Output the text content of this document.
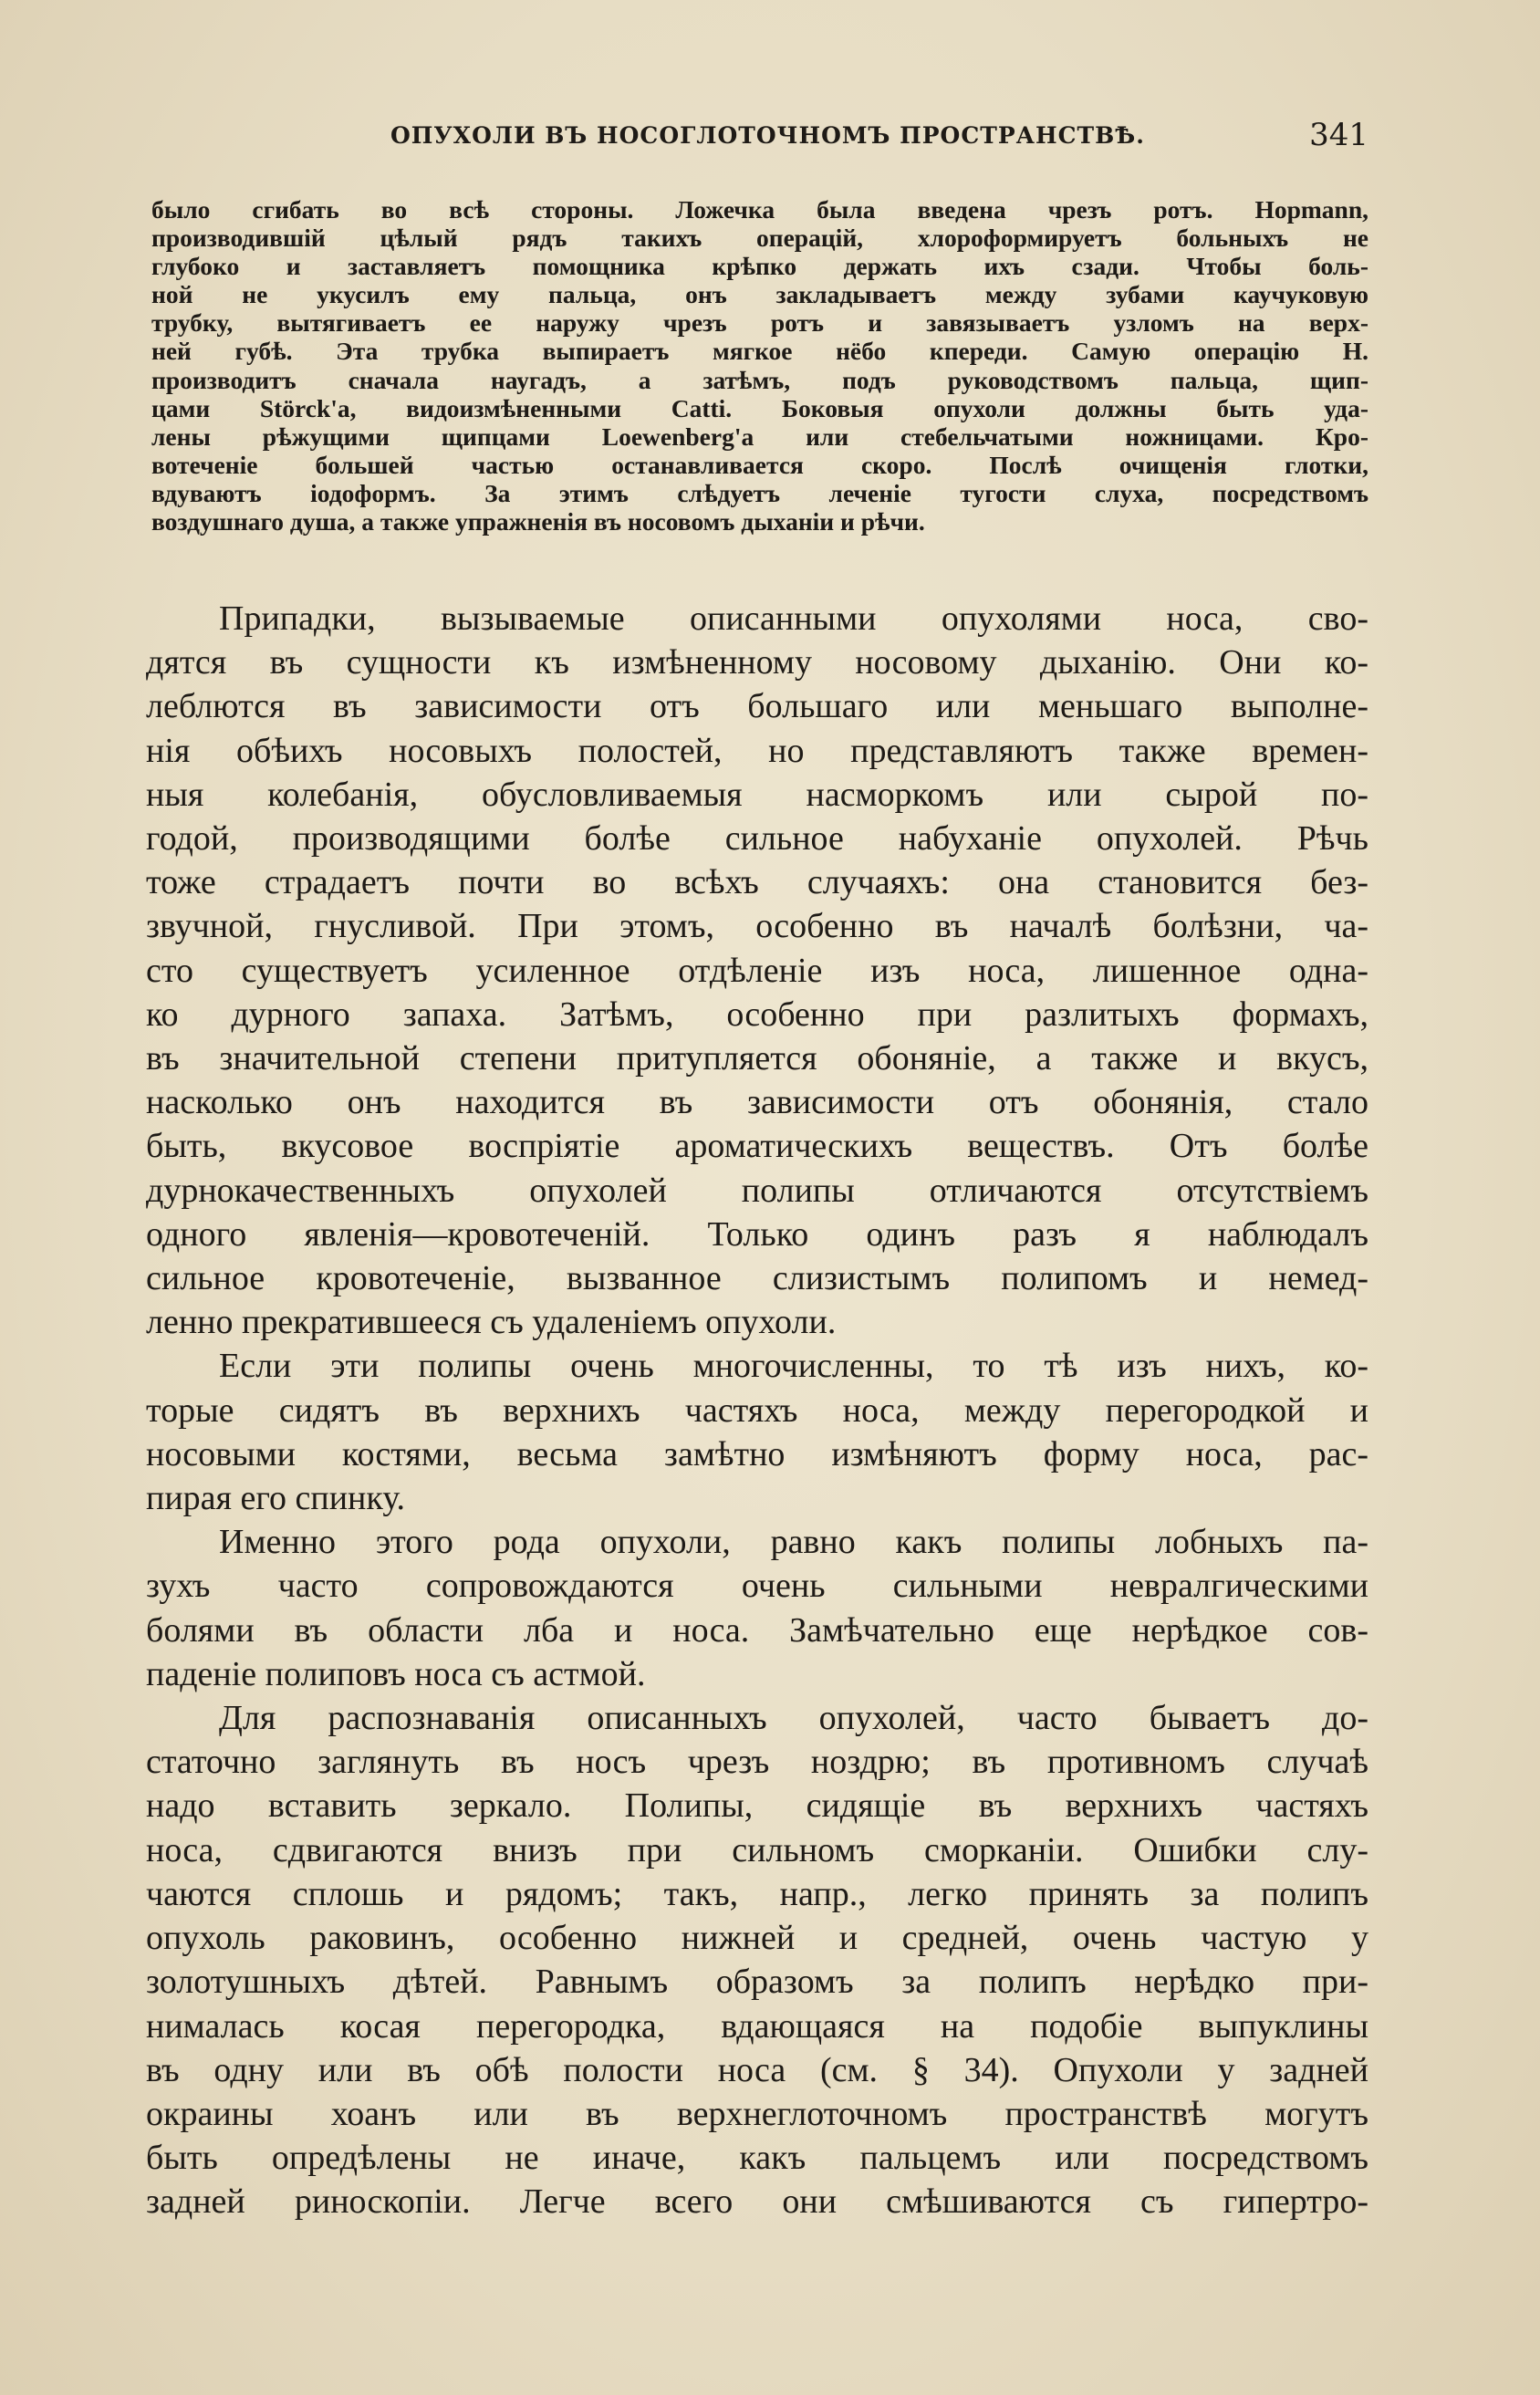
ОПУХОЛИ ВЪ НОСОГЛОТОЧНОМЪ ПРОСТРАНСТВѢ.	341
было сгибать во всѣ стороны. Ложечка была введена чрезъ ротъ. Hopmann,
производившій цѣлый рядъ такихъ операцій, хлороформируетъ больныхъ не
глубоко и заставляетъ помощника крѣпко держать ихъ сзади. Чтобы боль-
ной не укусилъ ему пальца, онъ закладываетъ между зубами каучуковую
трубку, вытягиваетъ ее наружу чрезъ ротъ и завязываетъ узломъ на верх-
ней губѣ. Эта трубка выпираетъ мягкое нёбо кпереди. Самую операцію H.
производитъ сначала наугадъ, а затѣмъ, подъ руководствомъ пальца, щип-
цами Störck'а, видоизмѣненными Catti. Боковыя опухоли должны быть уда-
лены рѣжущими щипцами Loewenberg'а или стебельчатыми ножницами. Кро-
вотеченіе большей частью останавливается скоро. Послѣ очищенія глотки,
вдуваютъ іодоформъ. За этимъ слѣдуетъ леченіе тугости слуха, посредствомъ
воздушнаго душа, а также упражненія въ носовомъ дыханіи и рѣчи.
Припадки, вызываемые описанными опухолями носа, сво-
дятся въ сущности къ измѣненному носовому дыханію. Они ко-
леблются въ зависимости отъ большаго или меньшаго выполне-
нія обѣихъ носовыхъ полостей, но представляютъ также времен-
ныя колебанія, обусловливаемыя насморкомъ или сырой по-
годой, производящими болѣе сильное набуханіе опухолей. Рѣчь
тоже страдаетъ почти во всѣхъ случаяхъ: она становится без-
звучной, гнусливой. При этомъ, особенно въ началѣ болѣзни, ча-
сто существуетъ усиленное отдѣленіе изъ носа, лишенное одна-
ко дурного запаха. Затѣмъ, особенно при разлитыхъ формахъ,
въ значительной степени притупляется обоняніе, а также и вкусъ,
насколько онъ находится въ зависимости отъ обонянія, стало
быть, вкусовое воспріятіе ароматическихъ веществъ. Отъ болѣе
дурнокачественныхъ опухолей полипы отличаются отсутствіемъ
одного явленія—кровотеченій. Только одинъ разъ я наблюдалъ
сильное кровотеченіе, вызванное слизистымъ полипомъ и немед-
ленно прекратившееся съ удаленіемъ опухоли.
Если эти полипы очень многочисленны, то тѣ изъ нихъ, ко-
торые сидятъ въ верхнихъ частяхъ носа, между перегородкой и
носовыми костями, весьма замѣтно измѣняютъ форму носа, рас-
пирая его спинку.
Именно этого рода опухоли, равно какъ полипы лобныхъ па-
зухъ часто сопровождаются очень сильными невралгическими
болями въ области лба и носа. Замѣчательно еще нерѣдкое сов-
паденіе полиповъ носа съ астмой.
Для распознаванія описанныхъ опухолей, часто бываетъ до-
статочно заглянуть въ носъ чрезъ ноздрю; въ противномъ случаѣ
надо вставить зеркало. Полипы, сидящіе въ верхнихъ частяхъ
носа, сдвигаются внизъ при сильномъ сморканіи. Ошибки слу-
чаются сплошь и рядомъ; такъ, напр., легко принять за полипъ
опухоль раковинъ, особенно нижней и средней, очень частую у
золотушныхъ дѣтей. Равнымъ образомъ за полипъ нерѣдко при-
нималась косая перегородка, вдающаяся на подобіе выпуклины
въ одну или въ обѣ полости носа (см. § 34). Опухоли у задней
окраины хоанъ или въ верхнеглоточномъ пространствѣ могутъ
быть опредѣлены не иначе, какъ пальцемъ или посредствомъ
задней риноскопіи. Легче всего они смѣшиваются съ гипертро-
